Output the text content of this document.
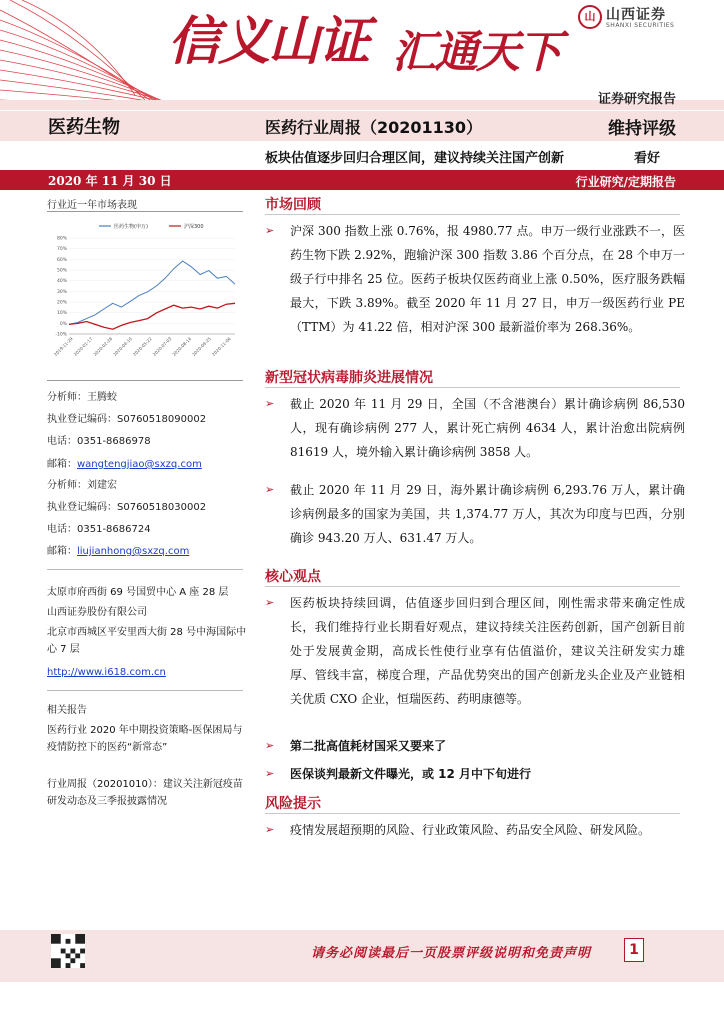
信义山证 汇通天下
山 山西证券
SHANXI SECURITIES
证券研究报告
医药生物	医药行业周报（20201130）	维持评级
板块估值逐步回归合理区间，建议持续关注国产创新	看好
2020 年 11 月 30 日	行业研究/定期报告
行业近一年市场表现
80%
70%
60%
50%
40%
30%
20%
10%
0%
-10%
2019-11-29 2020-01-17 2020-02-28 2020-04-10 2020-05-22 2020-07-03 2020-08-14 2020-09-25 2020-11-06
医药生物(申万)	沪深300
分析师：王腾蛟
执业登记编码：S0760518090002
电话：0351-8686978
邮箱：wangtengjiao@sxzq.com
分析师：刘建宏
执业登记编码：S0760518030002
电话：0351-8686724
邮箱：liujianhong@sxzq.com
太原市府西街 69 号国贸中心 A 座 28 层
山西证券股份有限公司
北京市西城区平安里西大街 28 号中海国际中心 7 层
http://www.i618.com.cn
相关报告
医药行业 2020 年中期投资策略-医保困局与疫情防控下的医药“新常态”
行业周报（20201010）：建议关注新冠疫苗研发动态及三季报披露情况
市场回顾
➢	沪深 300 指数上涨 0.76%，报 4980.77 点。申万一级行业涨跌不一，医药生物下跌 2.92%，跑输沪深 300 指数 3.86 个百分点，在 28 个申万一级子行中排名 25 位。医药子板块仅医药商业上涨 0.50%，医疗服务跌幅最大，下跌 3.89%。截至 2020 年 11 月 27 日，申万一级医药行业 PE（TTM）为 41.22 倍，相对沪深 300 最新溢价率为 268.36%。
新型冠状病毒肺炎进展情况
➢	截止 2020 年 11 月 29 日，全国（不含港澳台）累计确诊病例 86,530 人，现有确诊病例 277 人，累计死亡病例 4634 人，累计治愈出院病例 81619 人，境外输入累计确诊病例 3858 人。
➢	截止 2020 年 11 月 29 日，海外累计确诊病例 6,293.76 万人，累计确诊病例最多的国家为美国，共 1,374.77 万人，其次为印度与巴西，分别确诊 943.20 万人、631.47 万人。
核心观点
➢	医药板块持续回调，估值逐步回归到合理区间，刚性需求带来确定性成长，我们维持行业长期看好观点，建议持续关注医药创新，国产创新目前处于发展黄金期，高成长性使行业享有估值溢价，建议关注研发实力雄厚、管线丰富，梯度合理，产品优势突出的国产创新龙头企业及产业链相关优质 CXO 企业，恒瑞医药、药明康德等。
➢	第二批高值耗材国采又要来了
➢	医保谈判最新文件曝光，或 12 月中下旬进行
风险提示
➢	疫情发展超预期的风险、行业政策风险、药品安全风险、研发风险。
请务必阅读最后一页股票评级说明和免责声明	1
